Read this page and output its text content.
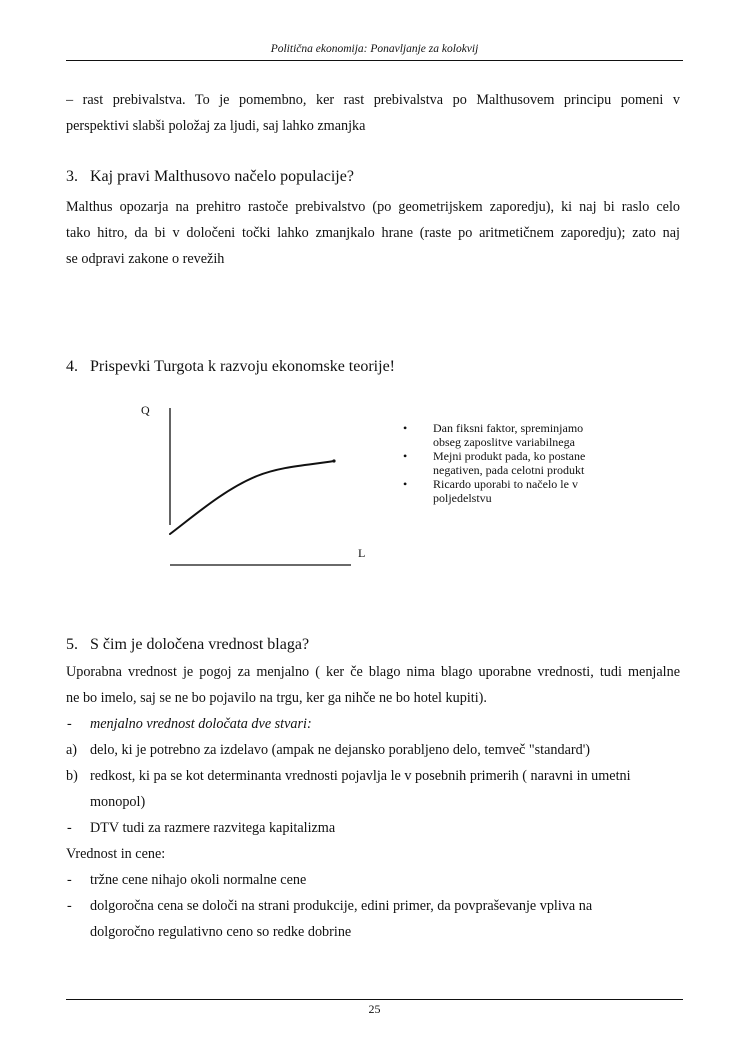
Politična ekonomija: Ponavljanje za kolokvij
– rast prebivalstva. To je pomembno, ker rast prebivalstva po Malthusovem principu pomeni v
perspektivi slabši položaj za ljudi, saj lahko zmanjka
3. Kaj pravi Malthusovo načelo populacije?
Malthus opozarja na prehitro rastoče prebivalstvo (po geometrijskem zaporedju), ki naj bi raslo celo
tako hitro, da bi v določeni točki lahko zmanjkalo hrane (raste po aritmetičnem zaporedju); zato naj
se odpravi zakone o revežih
4. Prispevki Turgota k razvoju ekonomske teorije!
Q
L
• Dan fiksni faktor, spreminjamo
obseg zaposlitve variabilnega
• Mejni produkt pada, ko postane
negativen, pada celotni produkt
• Ricardo uporabi to načelo le v
poljedelstvu
5. S čim je določena vrednost blaga?
Uporabna vrednost je pogoj za menjalno ( ker če blago nima blago uporabne vrednosti, tudi menjalne
ne bo imelo, saj se ne bo pojavilo na trgu, ker ga nihče ne bo hotel kupiti).
- menjalno vrednost določata dve stvari:
a) delo, ki je potrebno za izdelavo (ampak ne dejansko porabljeno delo, temveč "standard')
b) redkost, ki pa se kot determinanta vrednosti pojavlja le v posebnih primerih ( naravni in umetni
monopol)
- DTV tudi za razmere razvitega kapitalizma
Vrednost in cene:
- tržne cene nihajo okoli normalne cene
- dolgoročna cena se določi na strani produkcije, edini primer, da povpraševanje vpliva na
dolgoročno regulativno ceno so redke dobrine
25
